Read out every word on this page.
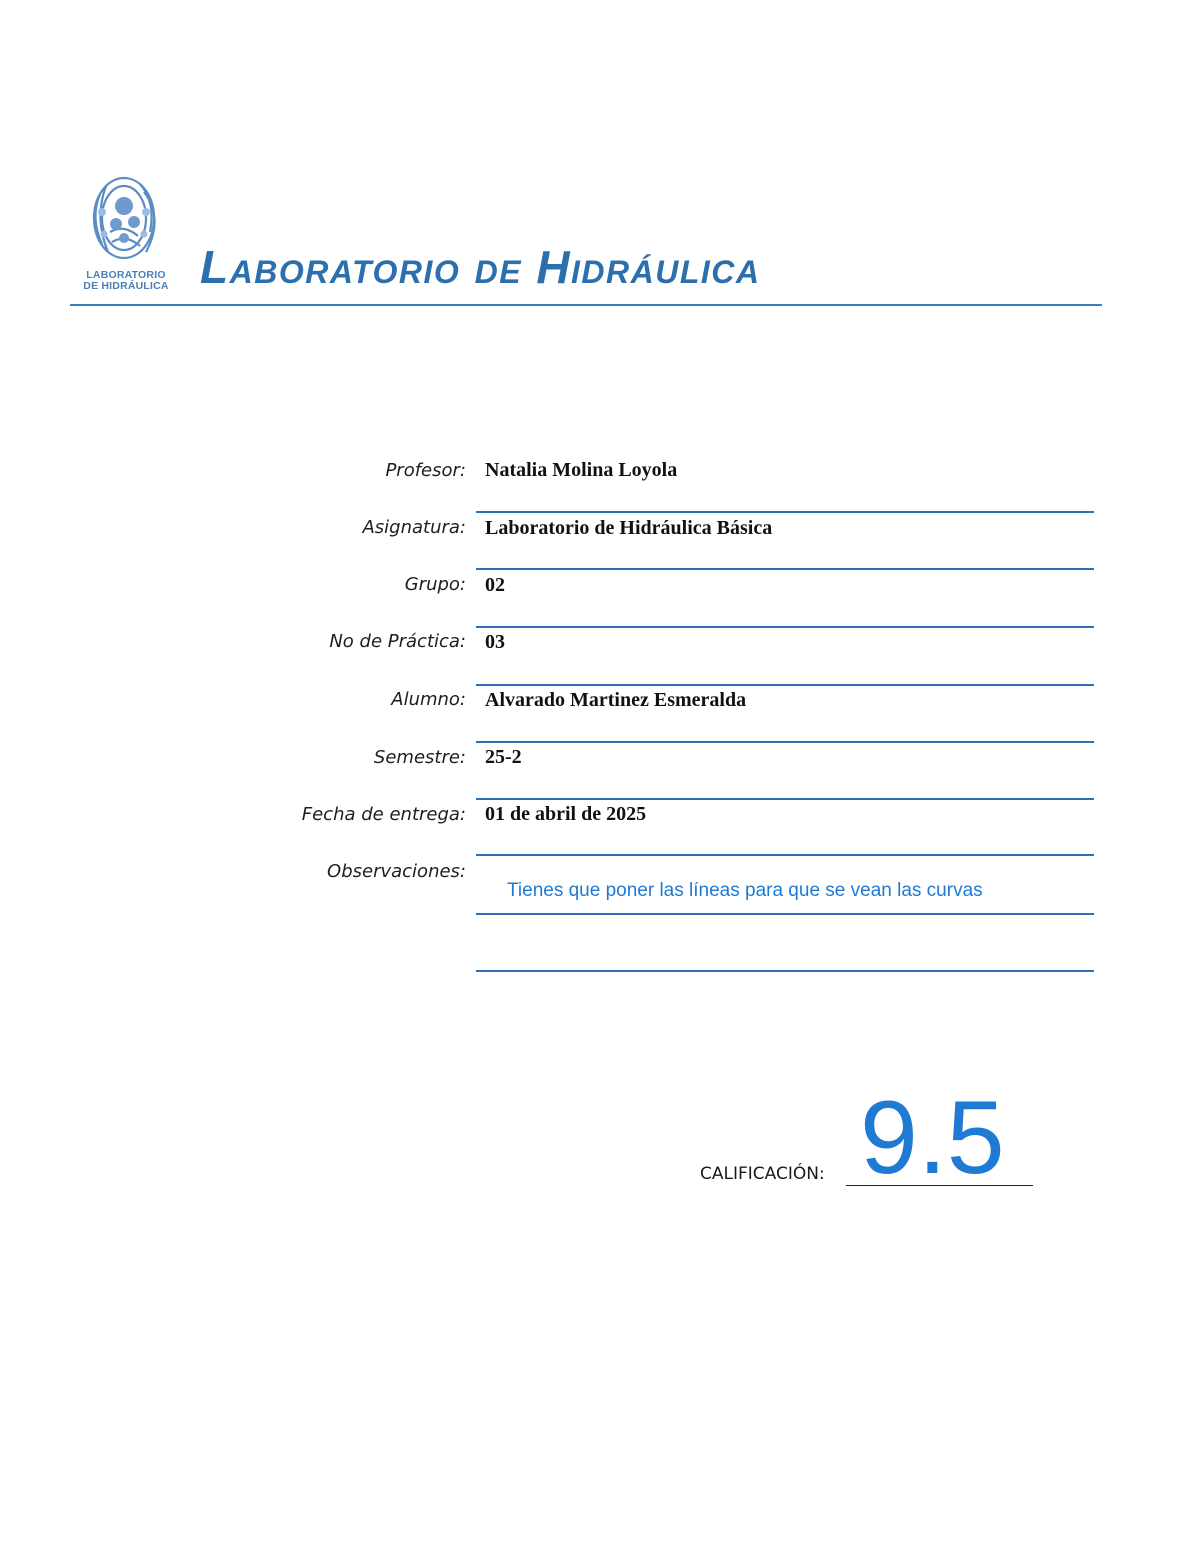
LABORATORIO
DE HIDRÁULICA Laboratorio de Hidráulica
Profesor: Natalia Molina Loyola
Asignatura: Laboratorio de Hidráulica Básica
Grupo: 02
No de Práctica: 03
Alumno: Alvarado Martinez Esmeralda
Semestre: 25-2
Fecha de entrega: 01 de abril de 2025
Observaciones:
Tienes que poner las líneas para que se vean las curvas
CALIFICACIÓN: 9.5
